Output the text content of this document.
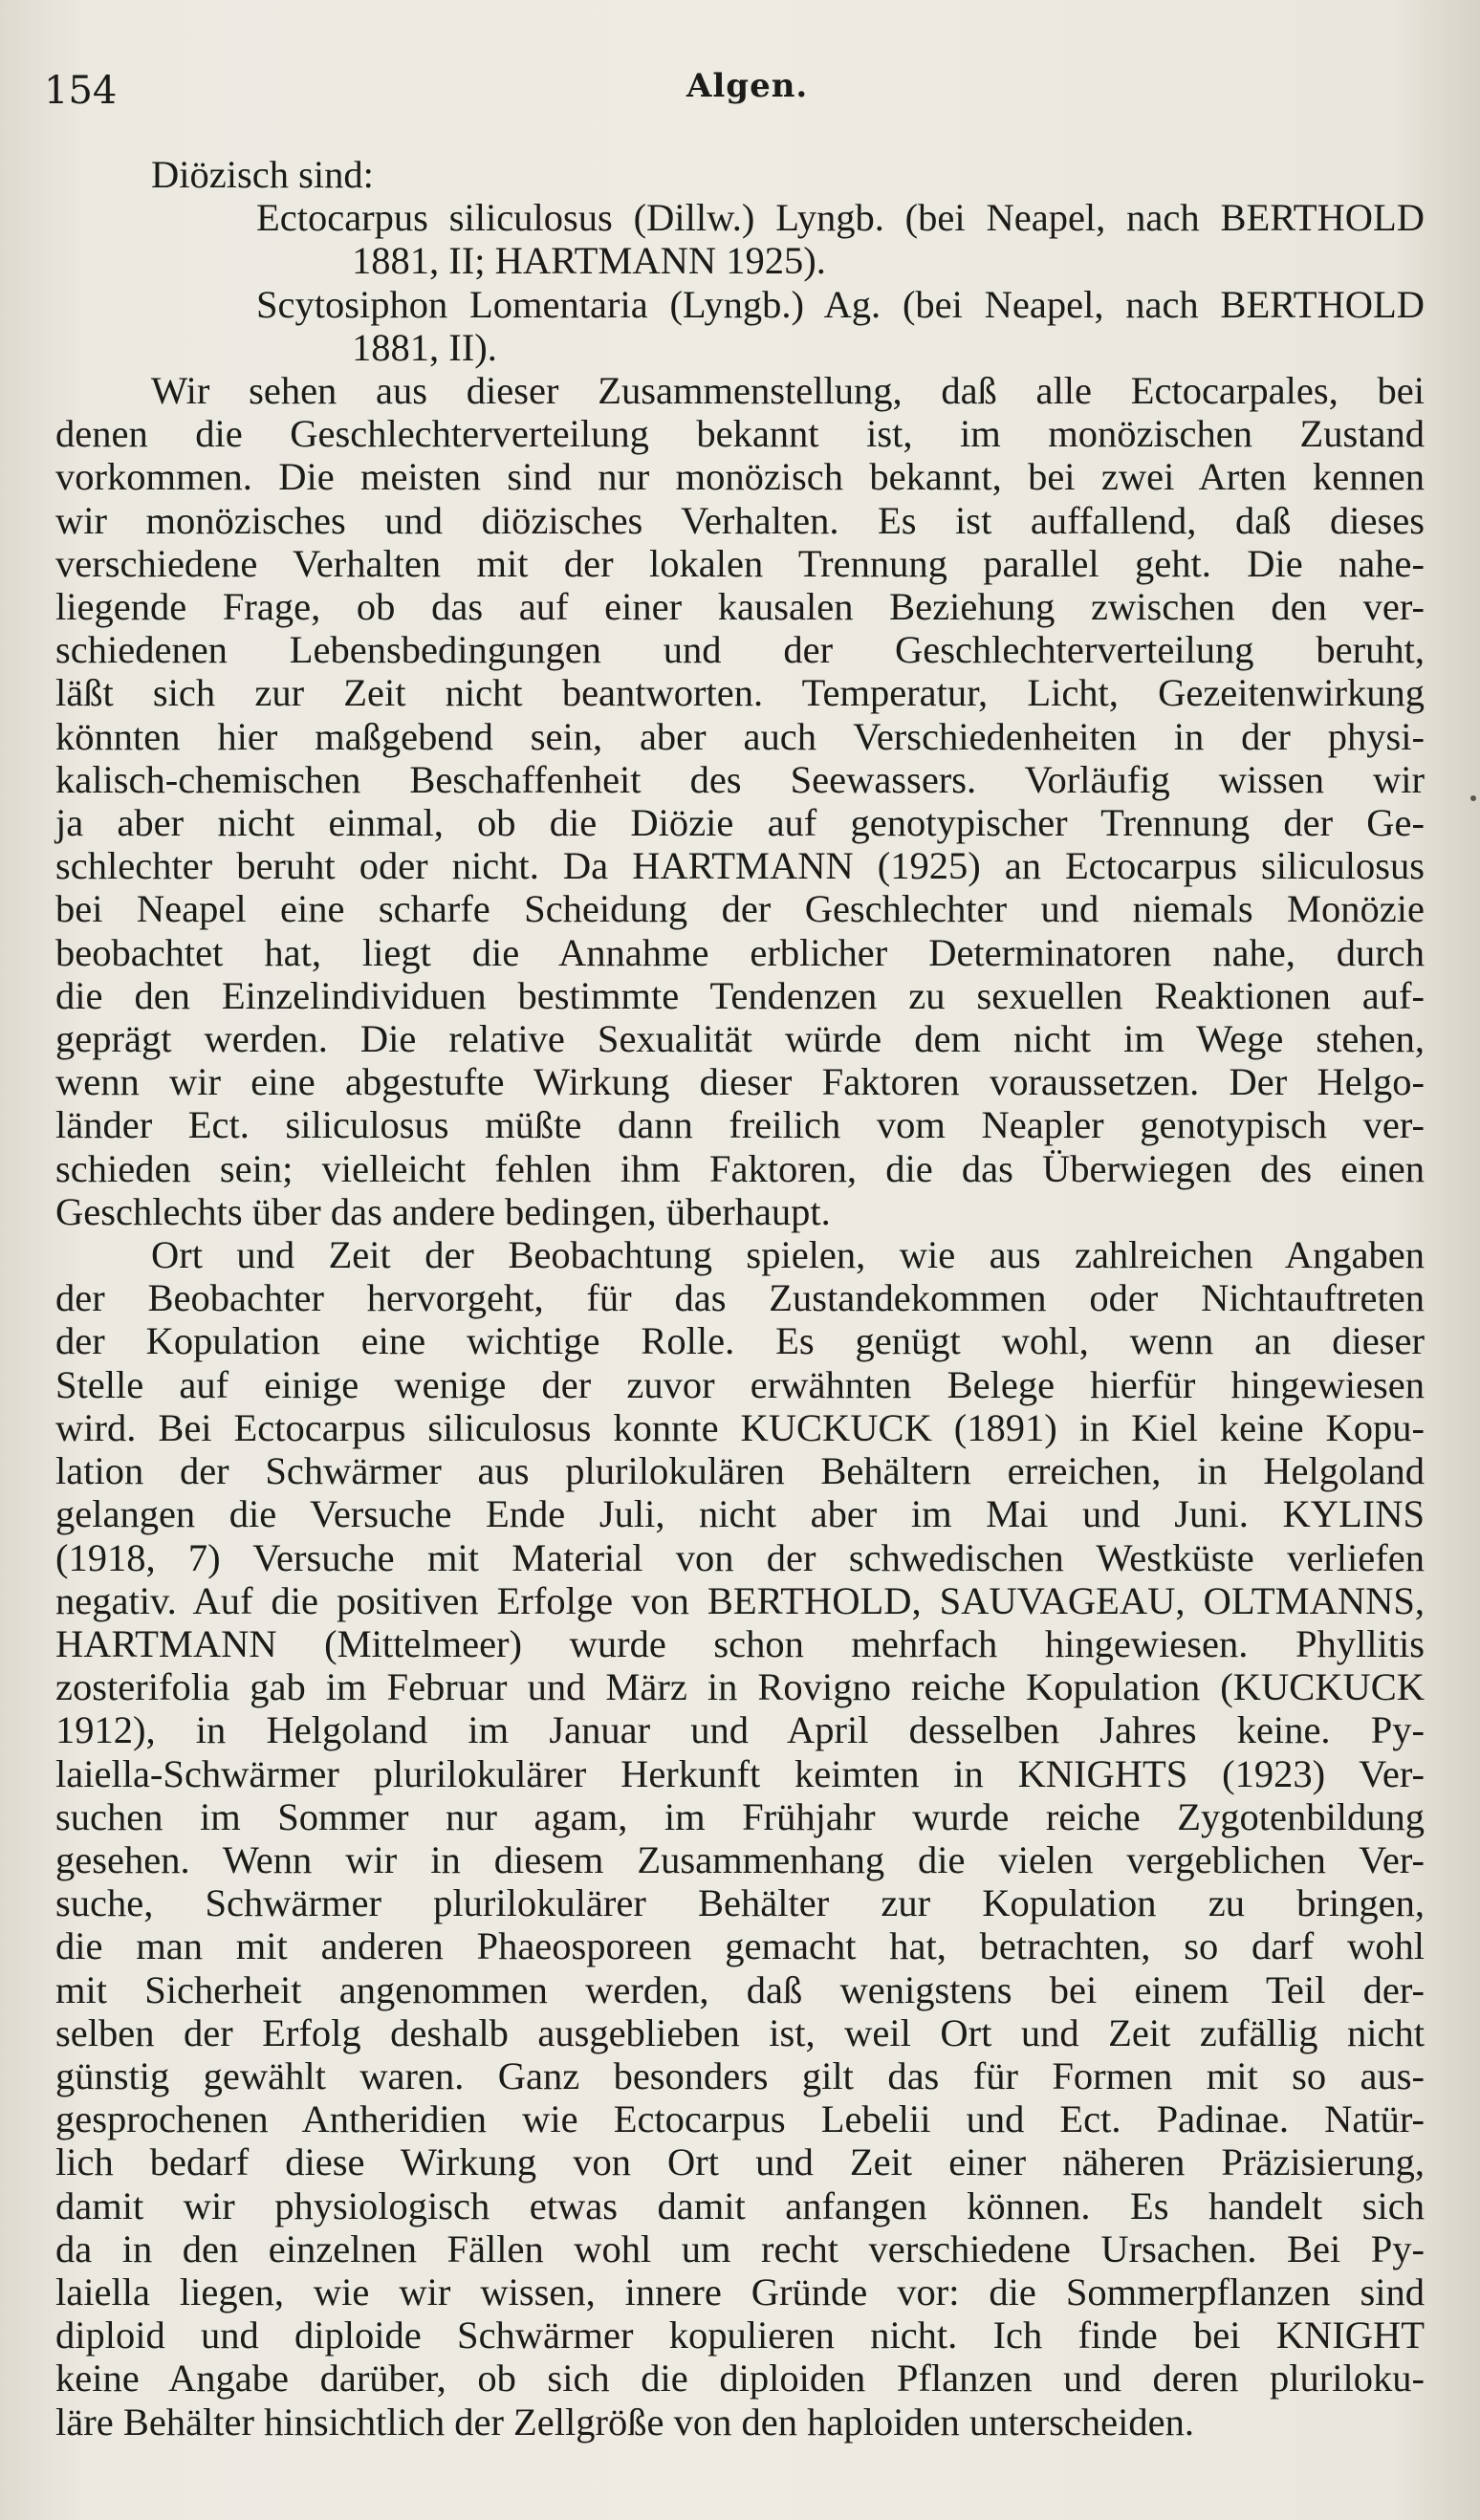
154	Algen.
Diözisch sind:
Ectocarpus siliculosus (Dillw.) Lyngb. (bei Neapel, nach BERTHOLD
1881, II; HARTMANN 1925).
Scytosiphon Lomentaria (Lyngb.) Ag. (bei Neapel, nach BERTHOLD
1881, II).
Wir sehen aus dieser Zusammenstellung, daß alle Ectocarpales, bei
denen die Geschlechterverteilung bekannt ist, im monözischen Zustand
vorkommen. Die meisten sind nur monözisch bekannt, bei zwei Arten kennen
wir monözisches und diözisches Verhalten. Es ist auffallend, daß dieses
verschiedene Verhalten mit der lokalen Trennung parallel geht. Die nahe-
liegende Frage, ob das auf einer kausalen Beziehung zwischen den ver-
schiedenen Lebensbedingungen und der Geschlechterverteilung beruht,
läßt sich zur Zeit nicht beantworten. Temperatur, Licht, Gezeitenwirkung
könnten hier maßgebend sein, aber auch Verschiedenheiten in der physi-
kalisch-chemischen Beschaffenheit des Seewassers. Vorläufig wissen wir
ja aber nicht einmal, ob die Diözie auf genotypischer Trennung der Ge-
schlechter beruht oder nicht. Da HARTMANN (1925) an Ectocarpus siliculosus
bei Neapel eine scharfe Scheidung der Geschlechter und niemals Monözie
beobachtet hat, liegt die Annahme erblicher Determinatoren nahe, durch
die den Einzelindividuen bestimmte Tendenzen zu sexuellen Reaktionen auf-
geprägt werden. Die relative Sexualität würde dem nicht im Wege stehen,
wenn wir eine abgestufte Wirkung dieser Faktoren voraussetzen. Der Helgo-
länder Ect. siliculosus müßte dann freilich vom Neapler genotypisch ver-
schieden sein; vielleicht fehlen ihm Faktoren, die das Überwiegen des einen
Geschlechts über das andere bedingen, überhaupt.
Ort und Zeit der Beobachtung spielen, wie aus zahlreichen Angaben
der Beobachter hervorgeht, für das Zustandekommen oder Nichtauftreten
der Kopulation eine wichtige Rolle. Es genügt wohl, wenn an dieser
Stelle auf einige wenige der zuvor erwähnten Belege hierfür hingewiesen
wird. Bei Ectocarpus siliculosus konnte KUCKUCK (1891) in Kiel keine Kopu-
lation der Schwärmer aus plurilokulären Behältern erreichen, in Helgoland
gelangen die Versuche Ende Juli, nicht aber im Mai und Juni. KYLINS
(1918, 7) Versuche mit Material von der schwedischen Westküste verliefen
negativ. Auf die positiven Erfolge von BERTHOLD, SAUVAGEAU, OLTMANNS,
HARTMANN (Mittelmeer) wurde schon mehrfach hingewiesen. Phyllitis
zosterifolia gab im Februar und März in Rovigno reiche Kopulation (KUCKUCK
1912), in Helgoland im Januar und April desselben Jahres keine. Py-
laiella-Schwärmer plurilokulärer Herkunft keimten in KNIGHTS (1923) Ver-
suchen im Sommer nur agam, im Frühjahr wurde reiche Zygotenbildung
gesehen. Wenn wir in diesem Zusammenhang die vielen vergeblichen Ver-
suche, Schwärmer plurilokulärer Behälter zur Kopulation zu bringen,
die man mit anderen Phaeosporeen gemacht hat, betrachten, so darf wohl
mit Sicherheit angenommen werden, daß wenigstens bei einem Teil der-
selben der Erfolg deshalb ausgeblieben ist, weil Ort und Zeit zufällig nicht
günstig gewählt waren. Ganz besonders gilt das für Formen mit so aus-
gesprochenen Antheridien wie Ectocarpus Lebelii und Ect. Padinae. Natür-
lich bedarf diese Wirkung von Ort und Zeit einer näheren Präzisierung,
damit wir physiologisch etwas damit anfangen können. Es handelt sich
da in den einzelnen Fällen wohl um recht verschiedene Ursachen. Bei Py-
laiella liegen, wie wir wissen, innere Gründe vor: die Sommerpflanzen sind
diploid und diploide Schwärmer kopulieren nicht. Ich finde bei KNIGHT
keine Angabe darüber, ob sich die diploiden Pflanzen und deren pluriloku-
läre Behälter hinsichtlich der Zellgröße von den haploiden unterscheiden.
